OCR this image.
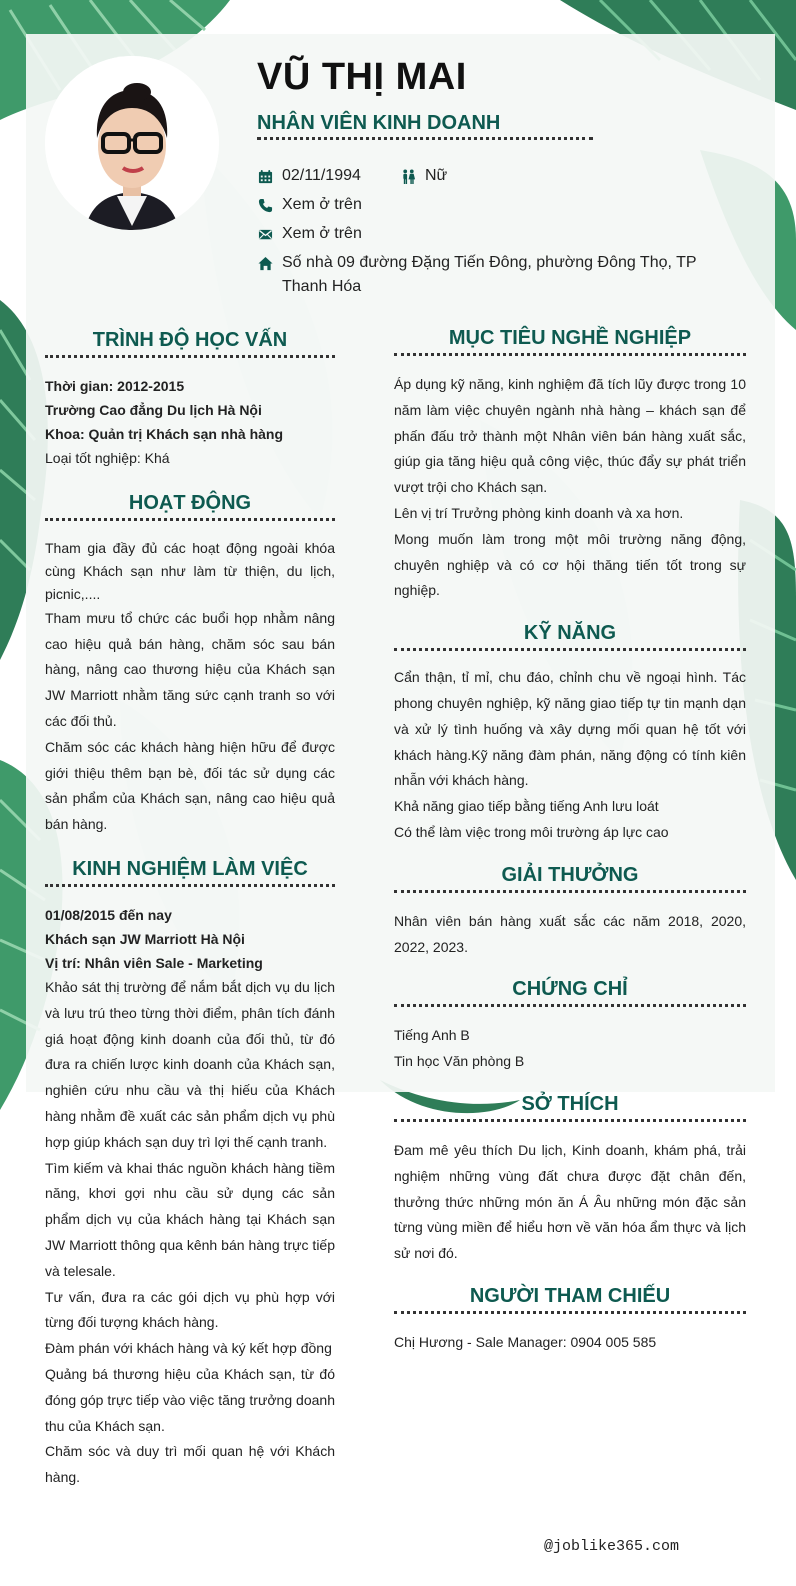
VŨ THỊ MAI
NHÂN VIÊN KINH DOANH
02/11/1994	Nữ
Xem ở trên
Xem ở trên
Số nhà 09 đường Đặng Tiến Đông, phường Đông Thọ, TP Thanh Hóa
TRÌNH ĐỘ HỌC VẤN
Thời gian: 2012-2015
Trường Cao đẳng Du lịch Hà Nội
Khoa: Quản trị Khách sạn nhà hàng
Loại tốt nghiệp: Khá
HOẠT ĐỘNG
Tham gia đầy đủ các hoạt động ngoài khóa cùng Khách sạn như làm từ thiện, du lịch, picnic,....
Tham mưu tổ chức các buổi họp nhằm nâng cao hiệu quả bán hàng, chăm sóc sau bán hàng, nâng cao thương hiệu của Khách sạn JW Marriott nhằm tăng sức cạnh tranh so với các đối thủ.
Chăm sóc các khách hàng hiện hữu để được giới thiệu thêm bạn bè, đối tác sử dụng các sản phẩm của Khách sạn, nâng cao hiệu quả bán hàng.
KINH NGHIỆM LÀM VIỆC
01/08/2015 đến nay
Khách sạn JW Marriott Hà Nội
Vị trí: Nhân viên Sale - Marketing
Khảo sát thị trường để nắm bắt dịch vụ du lịch và lưu trú theo từng thời điểm, phân tích đánh giá hoạt động kinh doanh của đối thủ, từ đó đưa ra chiến lược kinh doanh của Khách sạn, nghiên cứu nhu cầu và thị hiếu của Khách hàng nhằm đề xuất các sản phẩm dịch vụ phù hợp giúp khách sạn duy trì lợi thế cạnh tranh.
Tìm kiếm và khai thác nguồn khách hàng tiềm năng, khơi gợi nhu cầu sử dụng các sản phẩm dịch vụ của khách hàng tại Khách sạn JW Marriott thông qua kênh bán hàng trực tiếp và telesale.
Tư vấn, đưa ra các gói dịch vụ phù hợp với từng đối tượng khách hàng.
Đàm phán với khách hàng và ký kết hợp đồng
Quảng bá thương hiệu của Khách sạn, từ đó đóng góp trực tiếp vào việc tăng trưởng doanh thu của Khách sạn.
Chăm sóc và duy trì mối quan hệ với Khách hàng.
MỤC TIÊU NGHỀ NGHIỆP
Áp dụng kỹ năng, kinh nghiệm đã tích lũy được trong 10 năm làm việc chuyên ngành nhà hàng – khách sạn để phấn đấu trở thành một Nhân viên bán hàng xuất sắc, giúp gia tăng hiệu quả công việc, thúc đẩy sự phát triển vượt trội cho Khách sạn.
Lên vị trí Trưởng phòng kinh doanh và xa hơn.
Mong muốn làm trong một môi trường năng động, chuyên nghiệp và có cơ hội thăng tiến tốt trong sự nghiệp.
KỸ NĂNG
Cẩn thận, tỉ mỉ, chu đáo, chỉnh chu về ngoại hình. Tác phong chuyên nghiệp, kỹ năng giao tiếp tự tin mạnh dạn và xử lý tình huống và xây dựng mối quan hệ tốt với khách hàng.Kỹ năng đàm phán, năng động có tính kiên nhẫn với khách hàng.
Khả năng giao tiếp bằng tiếng Anh lưu loát
Có thể làm việc trong môi trường áp lực cao
GIẢI THƯỞNG
Nhân viên bán hàng xuất sắc các năm 2018, 2020, 2022, 2023.
CHỨNG CHỈ
Tiếng Anh B
Tin học Văn phòng B
SỞ THÍCH
Đam mê yêu thích Du lịch, Kinh doanh, khám phá, trải nghiệm những vùng đất chưa được đặt chân đến, thưởng thức những món ăn Á Âu những món đặc sản từng vùng miền để hiểu hơn về văn hóa ẩm thực và lịch sử nơi đó.
NGƯỜI THAM CHIẾU
Chị Hương - Sale Manager: 0904 005 585
@joblike365.com
